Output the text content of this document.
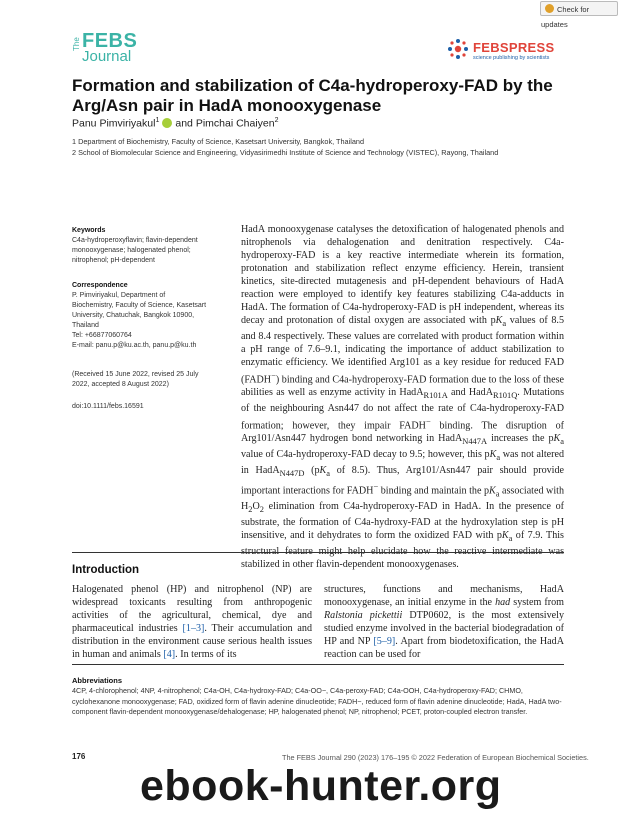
Check for updates
The FEBS
Journal
FEBSPRESS
science publishing by scientists
Formation and stabilization of C4a-hydroperoxy-FAD by the Arg/Asn pair in HadA monooxygenase
Panu Pimviriyakul$^1$ and Pimchai Chaiyen$^2$
1 Department of Biochemistry, Faculty of Science, Kasetsart University, Bangkok, Thailand
2 School of Biomolecular Science and Engineering, Vidyasirimedhi Institute of Science and Technology (VISTEC), Rayong, Thailand
Keywords
C4a-hydroperoxyflavin; flavin-dependent
monooxygenase; halogenated phenol;
nitrophenol; pH-dependent
Correspondence
P. Pimviriyakul, Department of
Biochemistry, Faculty of Science, Kasetsart
University, Chatuchak, Bangkok 10900,
Thailand
Tel: +66877060764
E-mail: panu.p@ku.ac.th, panu.p@ku.th
(Received 15 June 2022, revised 25 July
2022, accepted 8 August 2022)
doi:10.1111/febs.16591
HadA monooxygenase catalyses the detoxification of halogenated phenols and nitrophenols via dehalogenation and denitration respectively. C4a-hydroperoxy-FAD is a key reactive intermediate wherein its formation, protonation and stabilization reflect enzyme efficiency. Herein, transient kinetics, site-directed mutagenesis and pH-dependent behaviours of HadA reaction were employed to identify key features stabilizing C4a-adducts in HadA. The formation of C4a-hydroperoxy-FAD is pH independent, whereas its decay and protonation of distal oxygen are associated with $pK_a$ values of 8.5 and 8.4 respectively. These values are correlated with product formation within a pH range of 7.6–9.1, indicating the importance of adduct stabilization to enzymatic efficiency. We identified Arg101 as a key residue for reduced FAD (FADH−) binding and C4a-hydroperoxy-FAD formation due to the loss of these abilities as well as enzyme activity in HadA$_{R101A}$ and HadA$_{R101Q}$. Mutations of the neighbouring Asn447 do not affect the rate of C4a-hydroperoxy-FAD formation; however, they impair FADH− binding. The disruption of Arg101/Asn447 hydrogen bond networking in HadA$_{N447A}$ increases the $pK_a$ value of C4a-hydroperoxy-FAD decay to 9.5; however, this $pK_a$ was not altered in HadA$_{N447D}$ ($pK_a$ of 8.5). Thus, Arg101/Asn447 pair should provide important interactions for FADH− binding and maintain the $pK_a$ associated with $H_2O_2$ elimination from C4a-hydroperoxy-FAD in HadA. In the presence of substrate, the formation of C4a-hydroxy-FAD at the hydroxylation step is pH insensitive, and it dehydrates to form the oxidized FAD with $pK_a$ of 7.9. This structural feature might help elucidate how the reactive intermediate was stabilized in other flavin-dependent monooxygenases.
Introduction
Halogenated phenol (HP) and nitrophenol (NP) are widespread toxicants resulting from anthropogenic activities of the agricultural, chemical, dye and pharmaceutical industries [1–3]. Their accumulation and distribution in the environment cause serious health issues in human and animals [4]. In terms of its
structures, functions and mechanisms, HadA monooxygenase, an initial enzyme in the had system from Ralstonia pickettii DTP0602, is the most extensively studied enzyme involved in the bacterial biodegradation of HP and NP [5–9]. Apart from biodetoxification, the HadA reaction can be used for
Abbreviations
4CP, 4-chlorophenol; 4NP, 4-nitrophenol; C4a-OH, C4a-hydroxy-FAD; C4a-OO−, C4a-peroxy-FAD; C4a-OOH, C4a-hydroperoxy-FAD; CHMO, cyclohexanone monooxygenase; FAD, oxidized form of flavin adenine dinucleotide; FADH−, reduced form of flavin adenine dinucleotide; HadA, HadA two-component flavin-dependent monooxygenase/dehalogenase; HP, halogenated phenol; NP, nitrophenol; PCET, proton-coupled electron transfer.
176	The FEBS Journal 290 (2023) 176–195 © 2022 Federation of European Biochemical Societies.
ebook-hunter.org
